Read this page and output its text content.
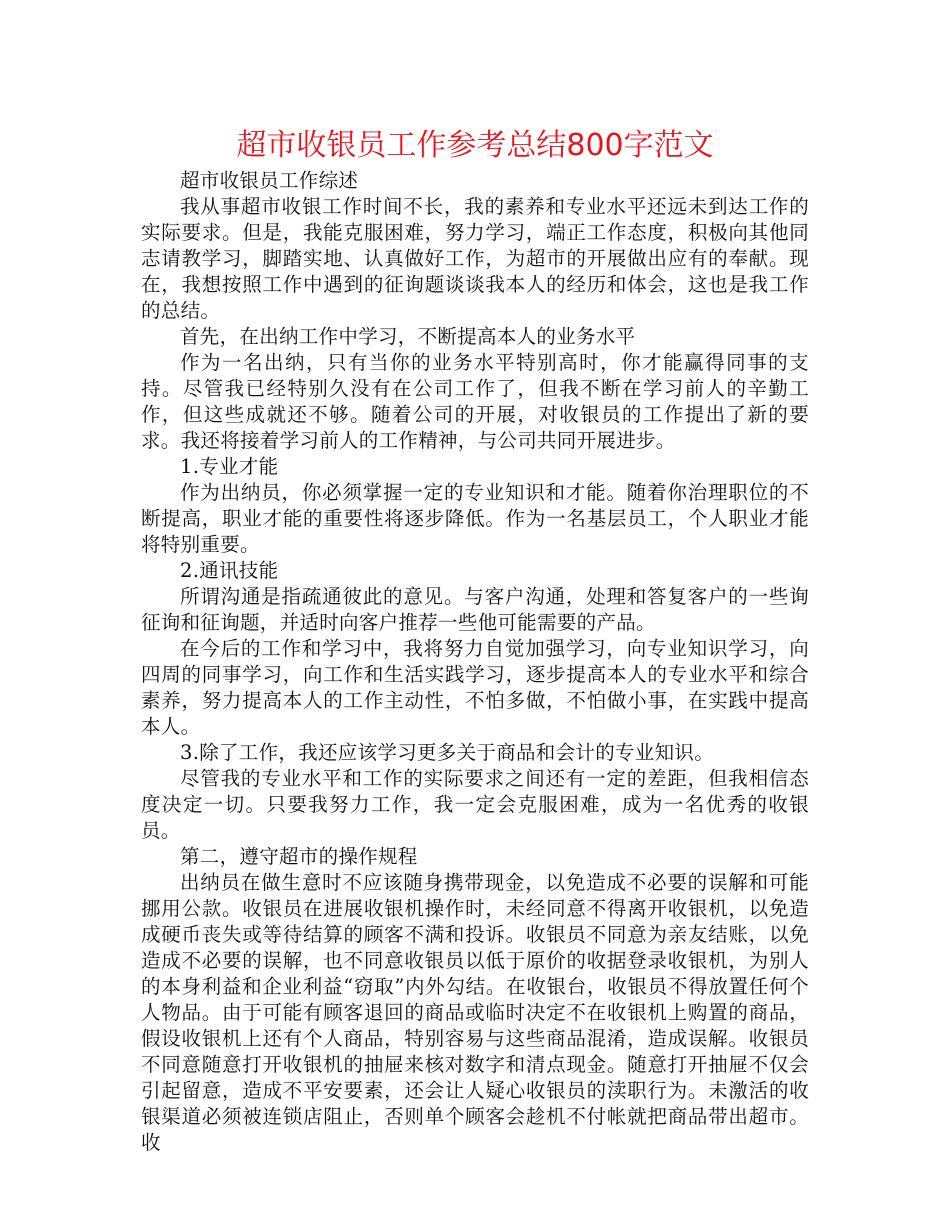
超市收银员工作参考总结800字范文

超市收银员工作综述

我从事超市收银工作时间不长，我的素养和专业水平还远未到达工作的实际要求。但是，我能克服困难，努力学习，端正工作态度，积极向其他同志请教学习，脚踏实地、认真做好工作，为超市的开展做出应有的奉献。现在，我想按照工作中遇到的征询题谈谈我本人的经历和体会，这也是我工作的总结。

首先，在出纳工作中学习，不断提高本人的业务水平

作为一名出纳，只有当你的业务水平特别高时，你才能赢得同事的支持。尽管我已经特别久没有在公司工作了，但我不断在学习前人的辛勤工作，但这些成就还不够。随着公司的开展，对收银员的工作提出了新的要求。我还将接着学习前人的工作精神，与公司共同开展进步。

1.专业才能

作为出纳员，你必须掌握一定的专业知识和才能。随着你治理职位的不断提高，职业才能的重要性将逐步降低。作为一名基层员工，个人职业才能将特别重要。

2.通讯技能

所谓沟通是指疏通彼此的意见。与客户沟通，处理和答复客户的一些询征询和征询题，并适时向客户推荐一些他可能需要的产品。

在今后的工作和学习中，我将努力自觉加强学习，向专业知识学习，向四周的同事学习，向工作和生活实践学习，逐步提高本人的专业水平和综合素养，努力提高本人的工作主动性，不怕多做，不怕做小事，在实践中提高本人。

3.除了工作，我还应该学习更多关于商品和会计的专业知识。

尽管我的专业水平和工作的实际要求之间还有一定的差距，但我相信态度决定一切。只要我努力工作，我一定会克服困难，成为一名优秀的收银员。

第二，遵守超市的操作规程

出纳员在做生意时不应该随身携带现金，以免造成不必要的误解和可能挪用公款。收银员在进展收银机操作时，未经同意不得离开收银机，以免造成硬币丧失或等待结算的顾客不满和投诉。收银员不同意为亲友结账，以免造成不必要的误解，也不同意收银员以低于原价的收据登录收银机，为别人的本身利益和企业利益“窃取”内外勾结。在收银台，收银员不得放置任何个人物品。由于可能有顾客退回的商品或临时决定不在收银机上购置的商品，假设收银机上还有个人商品，特别容易与这些商品混淆，造成误解。收银员不同意随意打开收银机的抽屉来核对数字和清点现金。随意打开抽屉不仅会引起留意，造成不平安要素，还会让人疑心收银员的渎职行为。未激活的收银渠道必须被连锁店阻止，否则单个顾客会趁机不付帐就把商品带出超市。收
